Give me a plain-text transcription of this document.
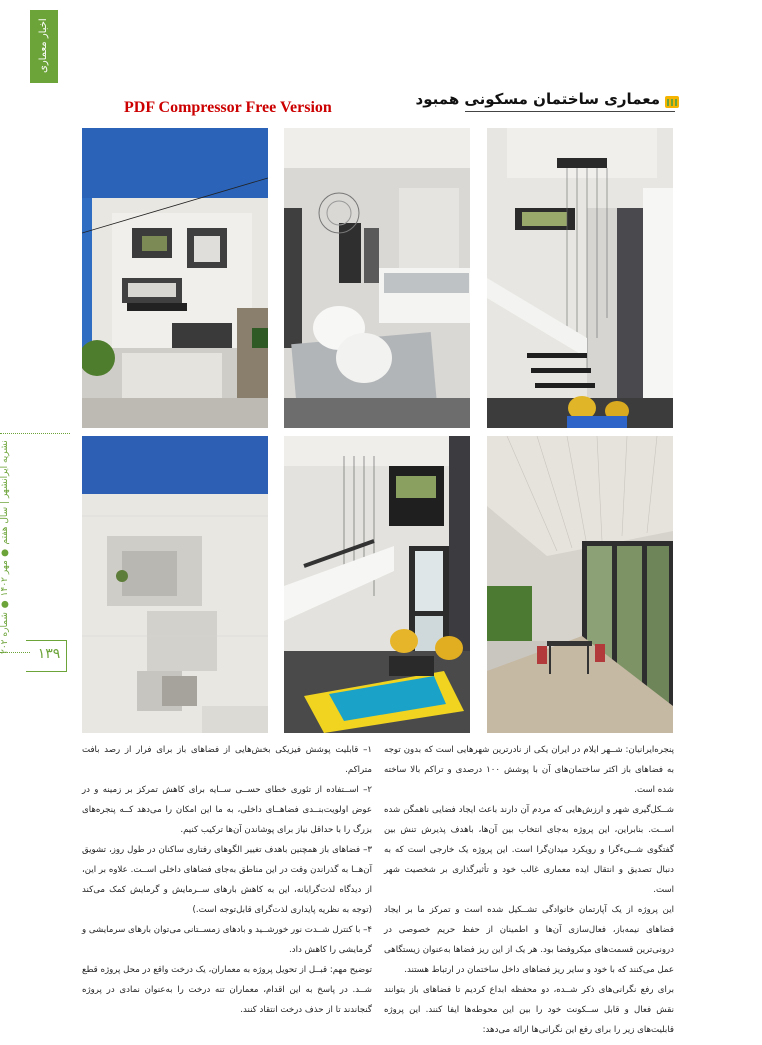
اخبار معماری
نشریه ایرانشهر | سال هفتم ● مهر ۱۴۰۲ ● شماره ۲۰۲
۱۳۹
معماری ساختمان مسکونی همبود
PDF Compressor Free Version

پنجره‌ایرانیان: شــهر ایلام در ایران یکی از نادرترین شهرهایی است که بدون توجه به فضاهای باز اکثر ساختمان‌های آن با پوشش ۱۰۰ درصدی و تراکم بالا ساخته شده است.

شــکل‌گیری شهر و ارزش‌هایی که مردم آن دارند باعث ایجاد فضایی ناهمگن شده اســت. بنابراین، این پروژه به‌جای انتخاب بین آن‌ها، باهدف پذیرش تنش بین گفتگوی شــیءگرا و رویکرد میدان‌گرا است. این پروژه یک خارجی است که به دنبال تصدیق و انتقال ایده معماری غالب خود و تأثیرگذاری بر شخصیت شهر است.

این پروژه از یک آپارتمان خانوادگی تشــکیل شده است و تمرکز ما بر ایجاد فضاهای نیمه‌باز، فعال‌سازی آن‌ها و اطمینان از حفظ حریم خصوصی در درونی‌ترین قسمت‌های میکروفضا بود. هر یک از این ریز فضاها به‌عنوان زیستگاهی عمل می‌کنند که با خود و سایر ریز فضاهای داخل ساختمان در ارتباط هستند.

برای رفع نگرانی‌های ذکر شــده، دو محفظه ابداع کردیم تا فضاهای باز بتوانند نقش فعال و قابل ســکونت خود را بین این محوطه‌ها ایفا کنند. این پروژه قابلیت‌های زیر را برای رفع این نگرانی‌ها ارائه می‌دهد:

۱– قابلیت پوشش فیزیکی بخش‌هایی از فضاهای باز برای فرار از رصد بافت متراکم.

۲– اســتفاده از تئوری خطای حســی ســایه برای کاهش تمرکز بر زمینه و در عوض اولویت‌بنــدی فضاهــای داخلی، به ما این امکان را می‌دهد کــه پنجره‌های بزرگ را با حداقل نیاز برای پوشاندن آن‌ها ترکیب کنیم.

۳– فضاهای باز همچنین باهدف تغییر الگوهای رفتاری ساکنان در طول روز، تشویق آن‌هــا به گذراندن وقت در این مناطق به‌جای فضاهای داخلی اســت. علاوه بر این، از دیدگاه لذت‌گرایانه، این به کاهش بارهای ســرمایش و گرمایش کمک می‌کند (توجه به نظریه پایداری لذت‌گرای قابل‌توجه است.)

۴– با کنترل شــدت نور خورشــید و بادهای زمســتانی می‌توان بارهای سرمایشی و گرمایشی را کاهش داد.

توضیح مهم: قبــل از تحویل پروژه به معماران، یک درخت واقع در محل پروژه قطع شــد. در پاسخ به این اقدام، معماران تنه درخت را به‌عنوان نمادی در پروژه گنجاندند تا از حذف درخت انتقاد کنند.
